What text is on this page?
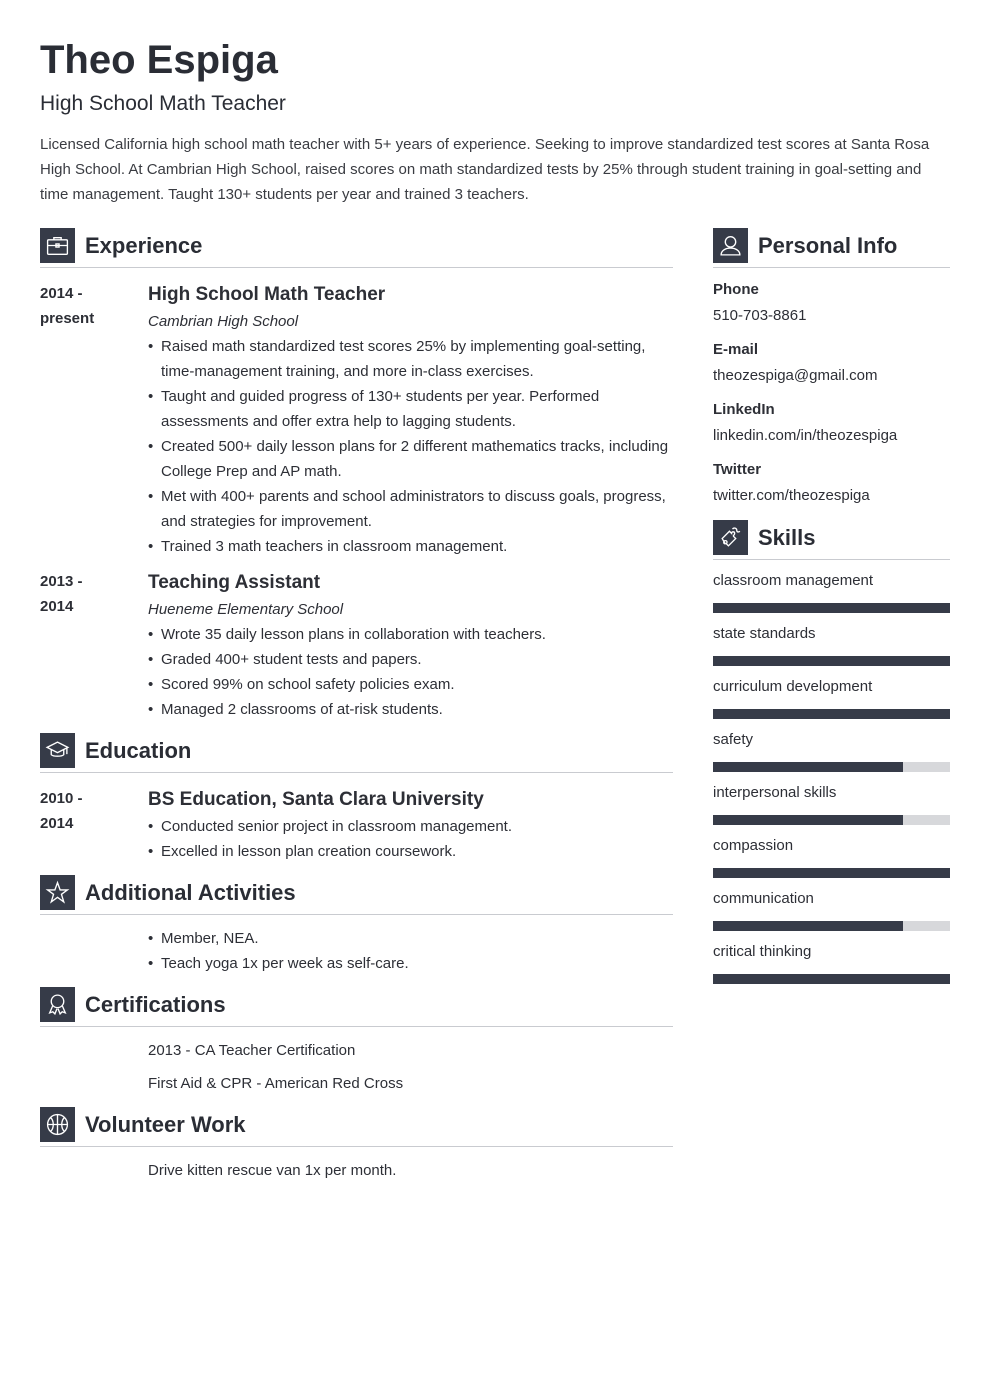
Theo Espiga
High School Math Teacher
Licensed California high school math teacher with 5+ years of experience. Seeking to improve standardized test scores at Santa Rosa High School. At Cambrian High School, raised scores on math standardized tests by 25% through student training in goal-setting and time management. Taught 130+ students per year and trained 3 teachers.
Experience
2014 -
present
High School Math Teacher
Cambrian High School
• Raised math standardized test scores 25% by implementing goal-setting, time-management training, and more in-class exercises.
• Taught and guided progress of 130+ students per year. Performed assessments and offer extra help to lagging students.
• Created 500+ daily lesson plans for 2 different mathematics tracks, including College Prep and AP math.
• Met with 400+ parents and school administrators to discuss goals, progress, and strategies for improvement.
• Trained 3 math teachers in classroom management.
2013 -
2014
Teaching Assistant
Hueneme Elementary School
• Wrote 35 daily lesson plans in collaboration with teachers.
• Graded 400+ student tests and papers.
• Scored 99% on school safety policies exam.
• Managed 2 classrooms of at-risk students.
Education
2010 -
2014
BS Education, Santa Clara University
• Conducted senior project in classroom management.
• Excelled in lesson plan creation coursework.
Additional Activities
• Member, NEA.
• Teach yoga 1x per week as self-care.
Certifications
2013 - CA Teacher Certification
First Aid & CPR - American Red Cross
Volunteer Work
Drive kitten rescue van 1x per month.
Personal Info
Phone
510-703-8861
E-mail
theozespiga@gmail.com
LinkedIn
linkedin.com/in/theozespiga
Twitter
twitter.com/theozespiga
Skills
classroom management
state standards
curriculum development
safety
interpersonal skills
compassion
communication
critical thinking
